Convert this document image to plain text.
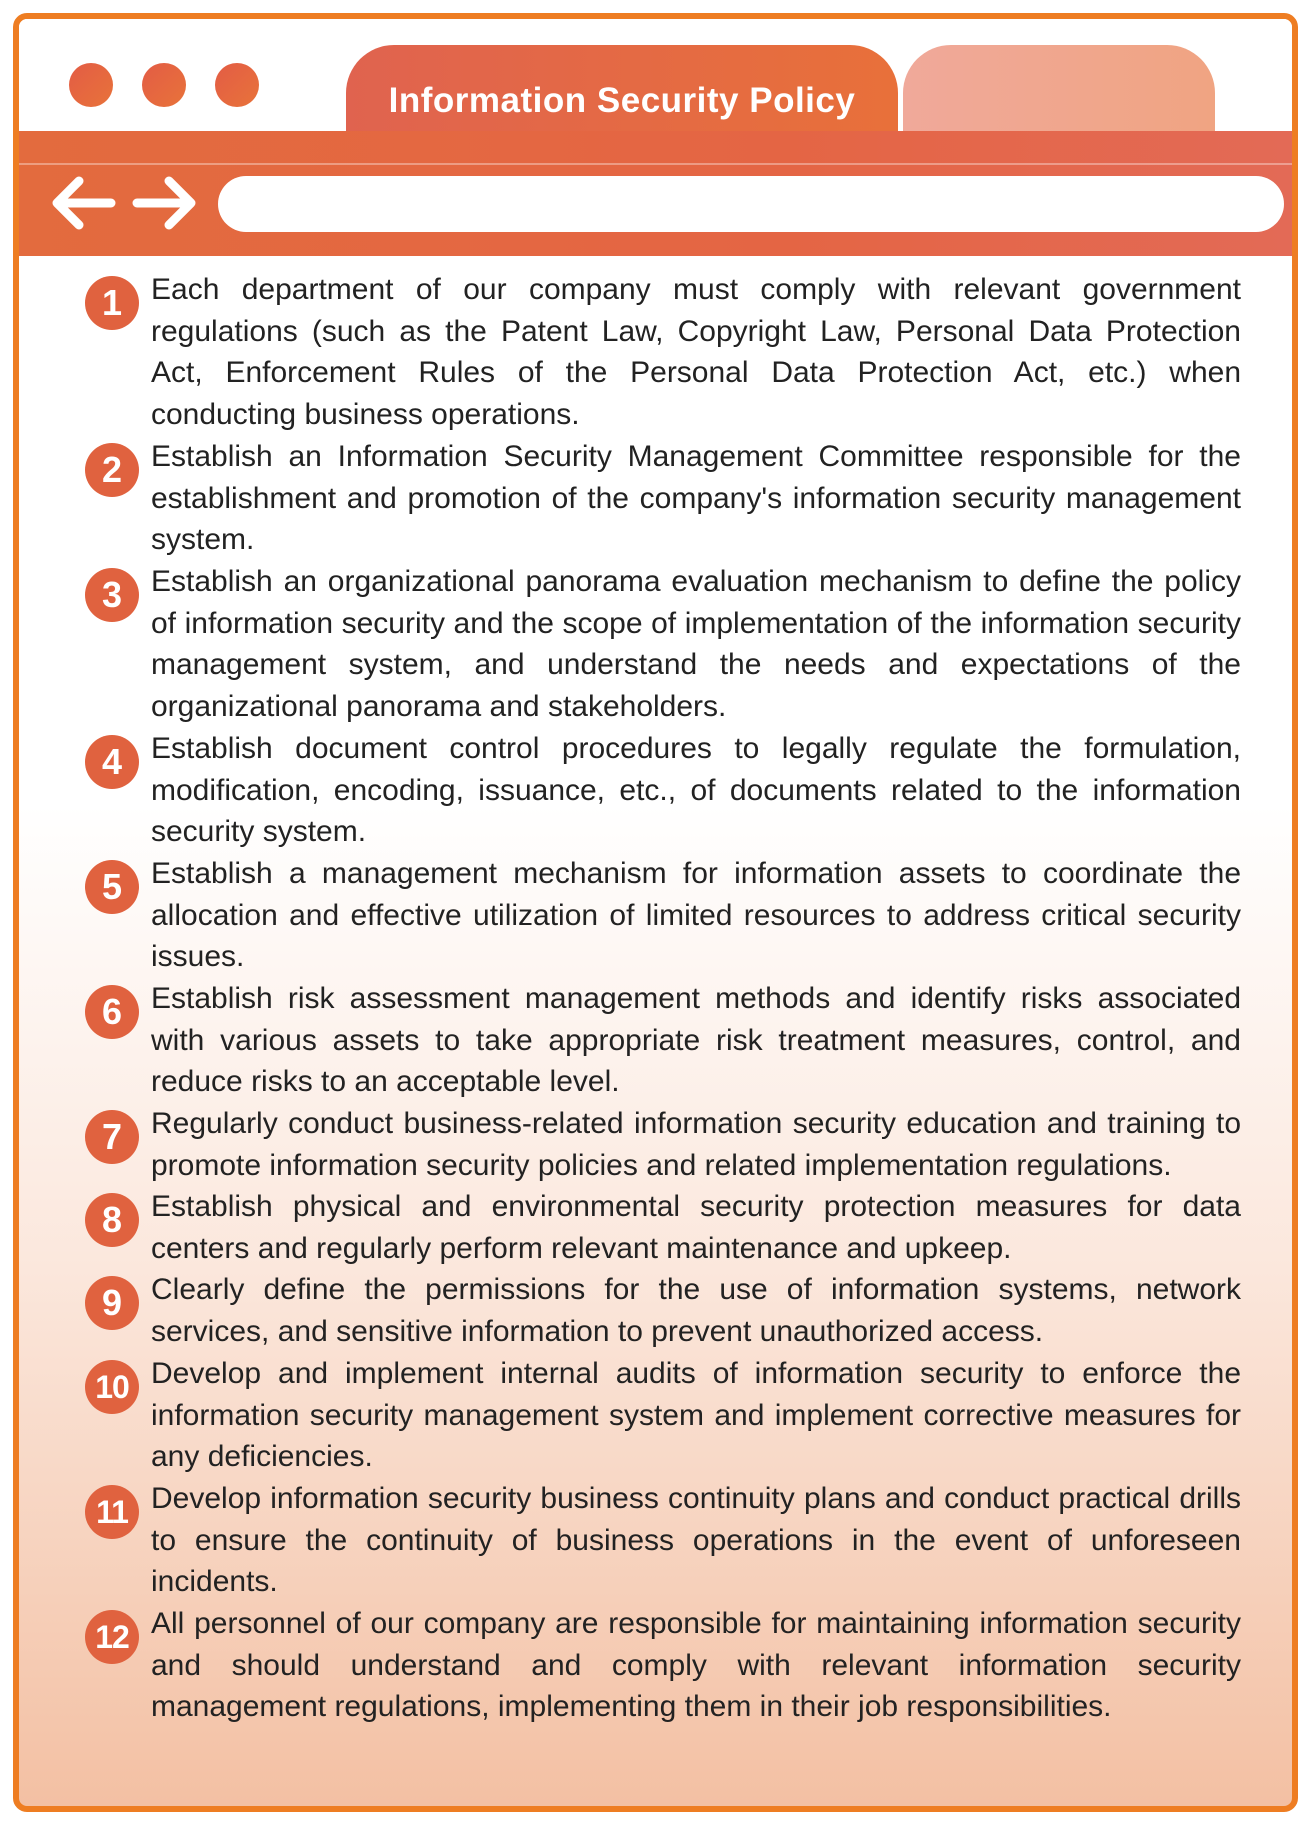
Information Security Policy	+
1 Each department of our company must comply with relevant government regulations (such as the Patent Law, Copyright Law, Personal Data Protection Act, Enforcement Rules of the Personal Data Protection Act, etc.) when conducting business operations.
2 Establish an Information Security Management Committee responsible for the establishment and promotion of the company's information security management system.
3 Establish an organizational panorama evaluation mechanism to define the policy of information security and the scope of implementation of the information security management system, and understand the needs and expectations of the organizational panorama and stakeholders.
4 Establish document control procedures to legally regulate the formulation, modification, encoding, issuance, etc., of documents related to the information security system.
5 Establish a management mechanism for information assets to coordinate the allocation and effective utilization of limited resources to address critical security issues.
6 Establish risk assessment management methods and identify risks associated with various assets to take appropriate risk treatment measures, control, and reduce risks to an acceptable level.
7 Regularly conduct business-related information security education and training to promote information security policies and related implementation regulations.
8 Establish physical and environmental security protection measures for data centers and regularly perform relevant maintenance and upkeep.
9 Clearly define the permissions for the use of information systems, network services, and sensitive information to prevent unauthorized access.
10 Develop and implement internal audits of information security to enforce the information security management system and implement corrective measures for any deficiencies.
11 Develop information security business continuity plans and conduct practical drills to ensure the continuity of business operations in the event of unforeseen incidents.
12 All personnel of our company are responsible for maintaining information security and should understand and comply with relevant information security management regulations, implementing them in their job responsibilities.
